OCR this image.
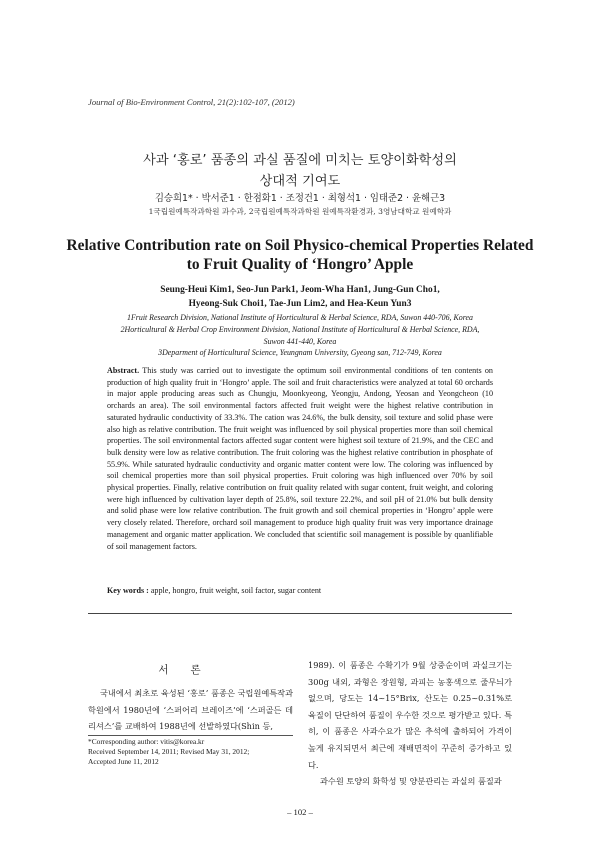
Journal of Bio-Environment Control, 21(2):102-107, (2012)
사과 ‘홍로’ 품종의 과실 품질에 미치는 토양이화학성의
상대적 기여도
김승희1* · 박서준1 · 한점화1 · 조정건1 · 최형석1 · 임태준2 · 윤해근3
1국립원예특작과학원 과수과, 2국립원예특작과학원 원예특작환경과, 3영남대학교 원예학과
Relative Contribution rate on Soil Physico-chemical Properties Related
to Fruit Quality of ‘Hongro’ Apple
Seung-Heui Kim1, Seo-Jun Park1, Jeom-Wha Han1, Jung-Gun Cho1,
Hyeong-Suk Choi1, Tae-Jun Lim2, and Hea-Keun Yun3
1Fruit Research Division, National Institute of Horticultural & Herbal Science, RDA, Suwon 440-706, Korea
2Horticultural & Herbal Crop Environment Division, National Institute of Horticultural & Herbal Science, RDA,
Suwon 441-440, Korea
3Deparment of Horticultural Science, Yeungnam University, Gyeong san, 712-749, Korea
Abstract. This study was carried out to investigate the optimum soil environmental conditions of ten contents on production of high quality fruit in ‘Hongro’ apple. The soil and fruit characteristics were analyzed at total 60 orchards in major apple producing areas such as Chungju, Moonkyeong, Yeongju, Andong, Yeosan and Yeongcheon (10 orchards an area). The soil environmental factors affected fruit weight were the highest relative contribution in saturated hydraulic conductivity of 33.3%. The cation was 24.6%, the bulk density, soil texture and solid phase were also high as relative contribution. The fruit weight was influenced by soil physical properties more than soil chemical properties. The soil environmental factors affected sugar content were highest soil texture of 21.9%, and the CEC and bulk density were low as relative contribution. The fruit coloring was the highest relative contribution in phosphate of 55.9%. While saturated hydraulic conductivity and organic matter content were low. The coloring was influenced by soil chemical properties more than soil physical properties. Fruit coloring was high influenced over 70% by soil physical properties. Finally, relative contribution on fruit quality related with sugar content, fruit weight, and coloring were high influenced by cultivation layer depth of 25.8%, soil texture 22.2%, and soil pH of 21.0% but bulk density and solid phase were low relative contribution. The fruit growth and soil chemical properties in ‘Hongro’ apple were very closely related. Therefore, orchard soil management to produce high quality fruit was very importance drainage management and organic matter application. We concluded that scientific soil management is possible by quanlifiable of soil management factors.
Key words : apple, hongro, fruit weight, soil factor, sugar content
서론

국내에서 최초로 육성된 ‘홍로’ 품종은 국립원예특작과학원에서 1980년에 ‘스퍼어리 브레이즈’에 ‘스퍼골든 데리셔스’를 교배하여 1988년에 선발하였다(Shin 등,

1989). 이 품종은 수확기가 9월 상중순이며 과실크기는 300g 내외, 과형은 장원형, 과피는 농홍색으로 줄무늬가 없으며, 당도는 14~15°Brix, 산도는 0.25~0.31%로 육질이 단단하여 품질이 우수한 것으로 평가받고 있다. 특히, 이 품종은 사과수요가 많은 추석에 출하되어 가격이 높게 유지되면서 최근에 재배면적이 꾸준히 증가하고 있다.

과수원 토양의 화학성 및 양분관리는 과실의 품질과

*Corresponding author: vitis@korea.kr
Received September 14, 2011; Revised May 31, 2012;
Accepted June 11, 2012
– 102 –
